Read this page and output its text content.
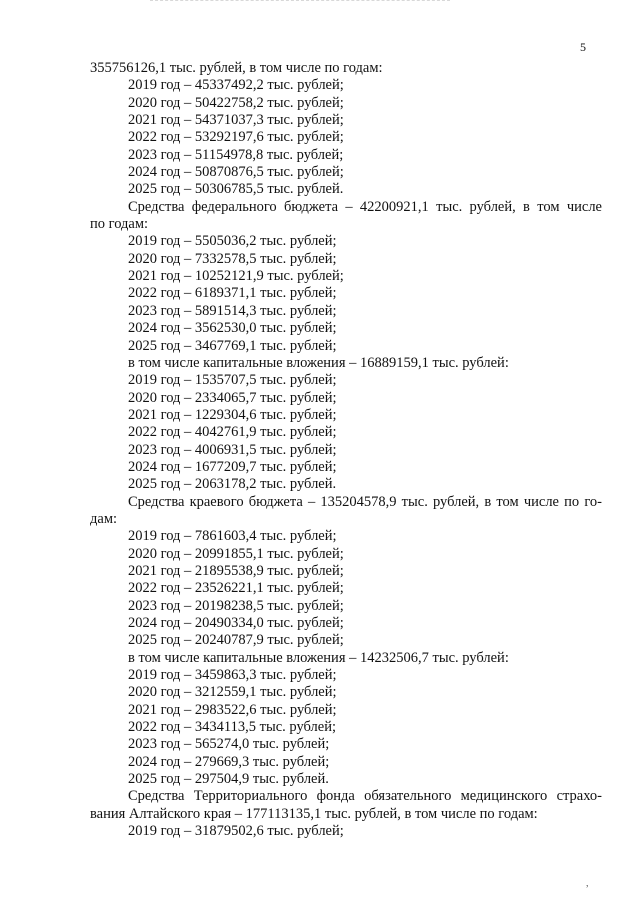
5
355756126,1 тыс. рублей, в том числе по годам:
2019 год – 45337492,2 тыс. рублей;
2020 год – 50422758,2 тыс. рублей;
2021 год – 54371037,3 тыс. рублей;
2022 год – 53292197,6 тыс. рублей;
2023 год – 51154978,8 тыс. рублей;
2024 год – 50870876,5 тыс. рублей;
2025 год – 50306785,5 тыс. рублей.
Средства федерального бюджета – 42200921,1 тыс. рублей, в том числе
по годам:
2019 год – 5505036,2 тыс. рублей;
2020 год – 7332578,5 тыс. рублей;
2021 год – 10252121,9 тыс. рублей;
2022 год – 6189371,1 тыс. рублей;
2023 год – 5891514,3 тыс. рублей;
2024 год – 3562530,0 тыс. рублей;
2025 год – 3467769,1 тыс. рублей;
в том числе капитальные вложения – 16889159,1 тыс. рублей:
2019 год – 1535707,5 тыс. рублей;
2020 год – 2334065,7 тыс. рублей;
2021 год – 1229304,6 тыс. рублей;
2022 год – 4042761,9 тыс. рублей;
2023 год – 4006931,5 тыс. рублей;
2024 год – 1677209,7 тыс. рублей;
2025 год – 2063178,2 тыс. рублей.
Средства краевого бюджета – 135204578,9 тыс. рублей, в том числе по го-
дам:
2019 год – 7861603,4 тыс. рублей;
2020 год – 20991855,1 тыс. рублей;
2021 год – 21895538,9 тыс. рублей;
2022 год – 23526221,1 тыс. рублей;
2023 год – 20198238,5 тыс. рублей;
2024 год – 20490334,0 тыс. рублей;
2025 год – 20240787,9 тыс. рублей;
в том числе капитальные вложения – 14232506,7 тыс. рублей:
2019 год – 3459863,3 тыс. рублей;
2020 год – 3212559,1 тыс. рублей;
2021 год – 2983522,6 тыс. рублей;
2022 год – 3434113,5 тыс. рублей;
2023 год – 565274,0 тыс. рублей;
2024 год – 279669,3 тыс. рублей;
2025 год – 297504,9 тыс. рублей.
Средства Территориального фонда обязательного медицинского страхо-
вания Алтайского края – 177113135,1 тыс. рублей, в том числе по годам:
2019 год – 31879502,6 тыс. рублей;
,
